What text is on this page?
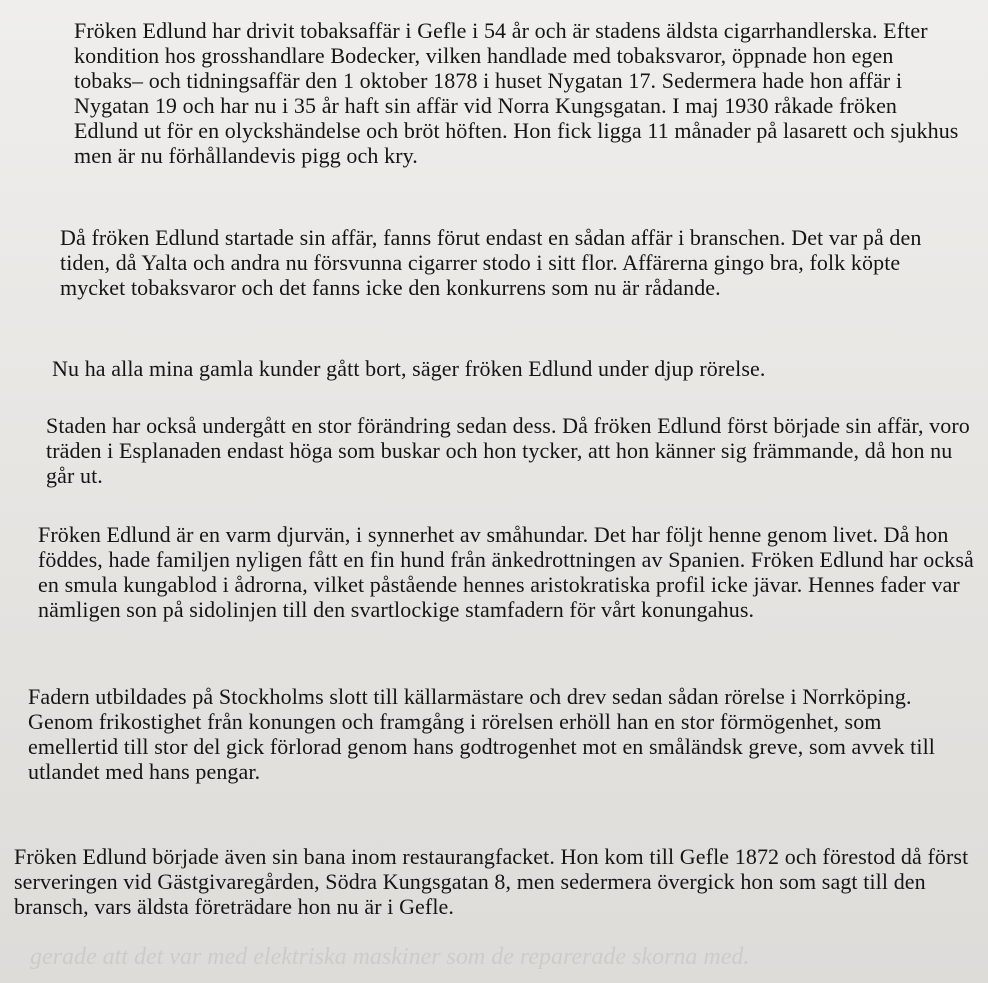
gerade att det var med elektriska maskiner som de reparerade skorna med.

Fröken Edlund har drivit tobaksaffär i Gefle i 54 år och är stadens äldsta cigarrhandlerska. Efter kondition hos grosshandlare Bodecker, vilken handlade med tobaksvaror, öppnade hon egen tobaks– och tidningsaffär den 1 oktober 1878 i huset Nygatan 17. Sedermera hade hon affär i Nygatan 19 och har nu i 35 år haft sin affär vid Norra Kungsgatan. I maj 1930 råkade fröken Edlund ut för en olyckshändelse och bröt höften. Hon fick ligga 11 månader på lasarett och sjukhus men är nu förhållandevis pigg och kry.

Då fröken Edlund startade sin affär, fanns förut endast en sådan affär i branschen. Det var på den tiden, då Yalta och andra nu försvunna cigarrer stodo i sitt flor. Affärerna gingo bra, folk köpte mycket tobaksvaror och det fanns icke den konkurrens som nu är rådande.

Nu ha alla mina gamla kunder gått bort, säger fröken Edlund under djup rörelse.

Staden har också undergått en stor förändring sedan dess. Då fröken Edlund först började sin affär, voro träden i Esplanaden endast höga som buskar och hon tycker, att hon känner sig främmande, då hon nu går ut.

Fröken Edlund är en varm djurvän, i synnerhet av småhundar. Det har följt henne genom livet. Då hon föddes, hade familjen nyligen fått en fin hund från änkedrottningen av Spanien. Fröken Edlund har också en smula kungablod i ådrorna, vilket påstående hennes aristokratiska profil icke jävar. Hennes fader var nämligen son på sidolinjen till den svartlockige stamfadern för vårt konungahus.

Fadern utbildades på Stockholms slott till källarmästare och drev sedan sådan rörelse i Norrköping. Genom frikostighet från konungen och framgång i rörelsen erhöll han en stor förmögenhet, som emellertid till stor del gick förlorad genom hans godtrogenhet mot en småländsk greve, som avvek till utlandet med hans pengar.

Fröken Edlund började även sin bana inom restaurangfacket. Hon kom till Gefle 1872 och förestod då först serveringen vid Gästgivaregården, Södra Kungsgatan 8, men sedermera övergick hon som sagt till den bransch, vars äldsta företrädare hon nu är i Gefle.
